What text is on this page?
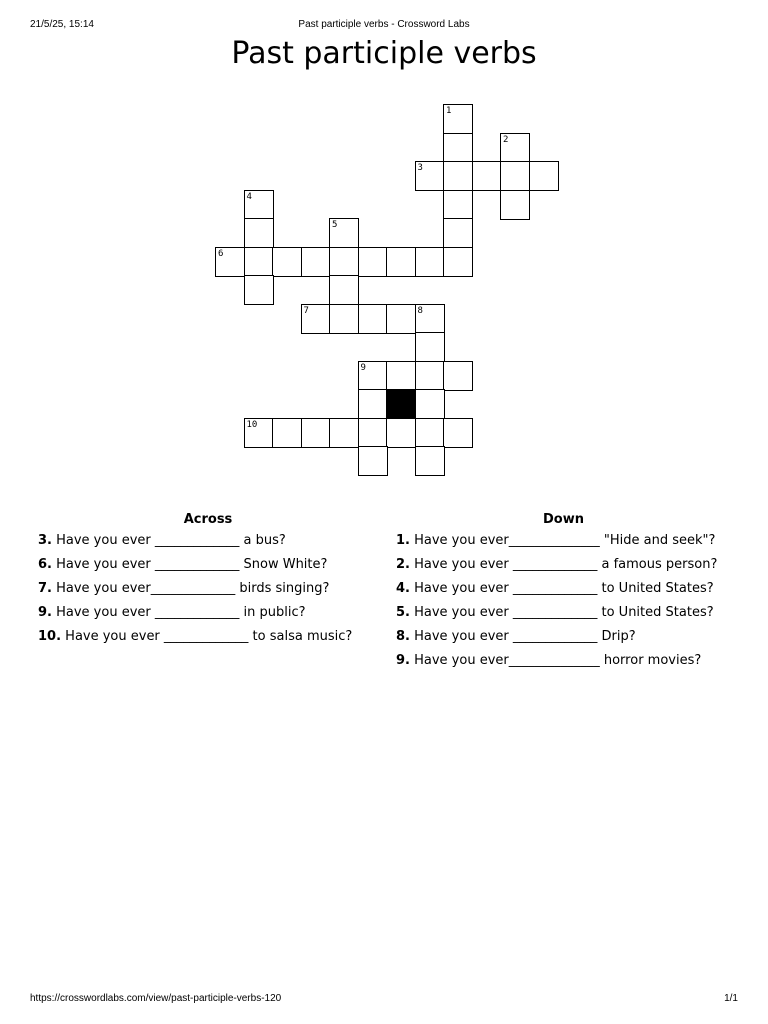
21/5/25, 15:14	Past participle verbs - Crossword Labs
Past participle verbs
1
2
3
4
5
6
7	8
9
10
Across
3. Have you ever _____________ a bus?
6. Have you ever _____________ Snow White?
7. Have you ever_____________ birds singing?
9. Have you ever _____________ in public?
10. Have you ever _____________ to salsa music?
Down
1. Have you ever______________ "Hide and seek"?
2. Have you ever _____________ a famous person?
4. Have you ever _____________ to United States?
5. Have you ever _____________ to United States?
8. Have you ever _____________ Drip?
9. Have you ever______________ horror movies?
https://crosswordlabs.com/view/past-participle-verbs-120	1/1
